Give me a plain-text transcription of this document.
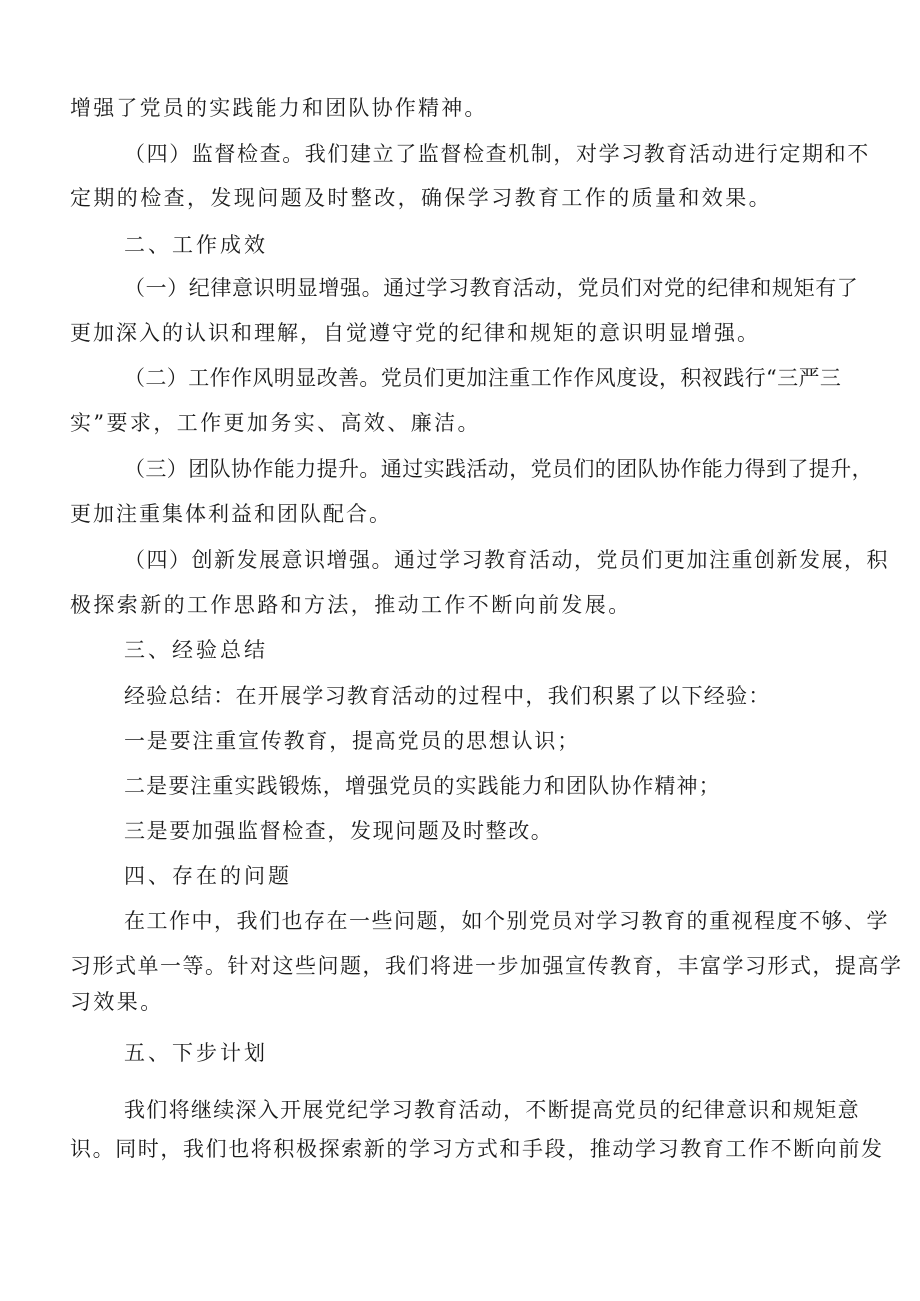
增强了党员的实践能力和团队协作精神。
（四）监督检查。我们建立了监督检查机制，对学习教育活动进行定期和不
定期的检查，发现问题及时整改，确保学习教育工作的质量和效果。
二、工作成效
（一）纪律意识明显增强。通过学习教育活动，党员们对党的纪律和规矩有了
更加深入的认识和理解，自觉遵守党的纪律和规矩的意识明显增强。
（二）工作作风明显改善。党员们更加注重工作作风度设，积衩践行“三严三
实”要求，工作更加务实、高效、廉洁。
（三）团队协作能力提升。通过实践活动，党员们的团队协作能力得到了提升，
更加注重集体利益和团队配合。
（四）创新发展意识增强。通过学习教育活动，党员们更加注重创新发展，积
极探索新的工作思路和方法，推动工作不断向前发展。
三、经验总结
经验总结：在开展学习教育活动的过程中，我们积累了以下经验：
一是要注重宣传教育，提高党员的思想认识；
二是要注重实践锻炼，增强党员的实践能力和团队协作精神；
三是要加强监督检查，发现问题及时整改。
四、存在的问题
在工作中，我们也存在一些问题，如个别党员对学习教育的重视程度不够、学
习形式单一等。针对这些问题，我们将进一步加强宣传教育，丰富学习形式，提高学
习效果。
五、下步计划
我们将继续深入开展党纪学习教育活动，不断提高党员的纪律意识和规矩意
识。同时，我们也将积极探索新的学习方式和手段，推动学习教育工作不断向前发
